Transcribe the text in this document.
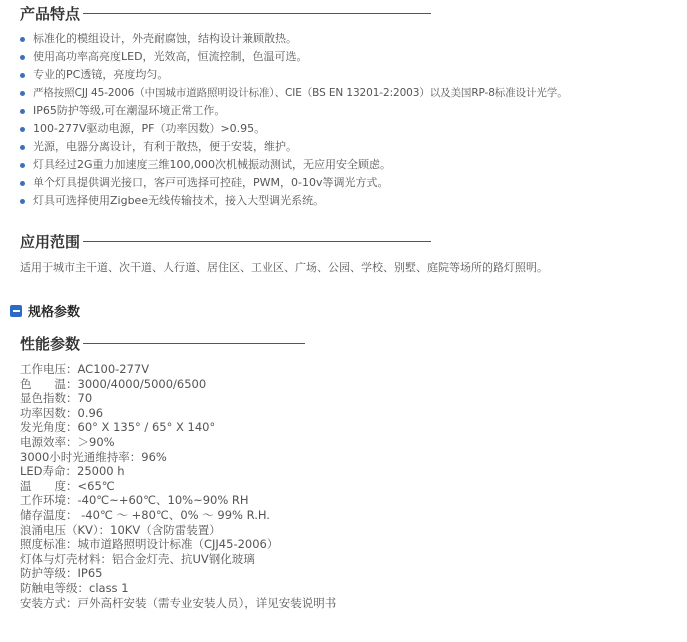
产品特点
标准化的模组设计，外壳耐腐蚀，结构设计兼顾散热。
使用高功率高亮度LED，光效高，恒流控制，色温可选。
专业的PC透镜，亮度均匀。
严格按照CJJ 45-2006（中国城市道路照明设计标准）、CIE（BS EN 13201-2:2003）以及美国RP-8标准设计光学。
IP65防护等级,可在潮湿环境正常工作。
100-277V驱动电源，PF（功率因数）>0.95。
光源，电器分离设计，有利于散热，便于安装，维护。
灯具经过2G重力加速度三维100,000次机械振动测试，无应用安全顾虑。
单个灯具提供调光接口，客戸可选择可控硅，PWM，0-10v等调光方式。
灯具可选择使用Zigbee无线传输技术，接入大型调光系统。
应用范围
适用于城市主干道、次干道、人行道、居住区、工业区、广场、公园、学校、别墅、庭院等场所的路灯照明。
规格参数
性能参数
工作电压：AC100-277V
色　　温：3000/4000/5000/6500
显色指数：70
功率因数：0.96
发光角度：60° X 135° / 65° X 140°
电源效率：＞90%
3000小时光通维持率：96%
LED寿命：25000 h
温　　度：<65℃
工作环境：-40℃~+60℃、10%~90% RH
储存温度： -40℃ ～ +80℃、0% ～ 99% R.H.
浪涌电压（KV）：10KV（含防雷装置）
照度标准：城市道路照明设计标准（CJJ45-2006）
灯体与灯壳材料：铝合金灯壳、抗UV钢化玻璃
防护等级：IP65
防触电等级：class 1
安装方式：戸外高杆安装（需专业安装人员），详见安装说明书
